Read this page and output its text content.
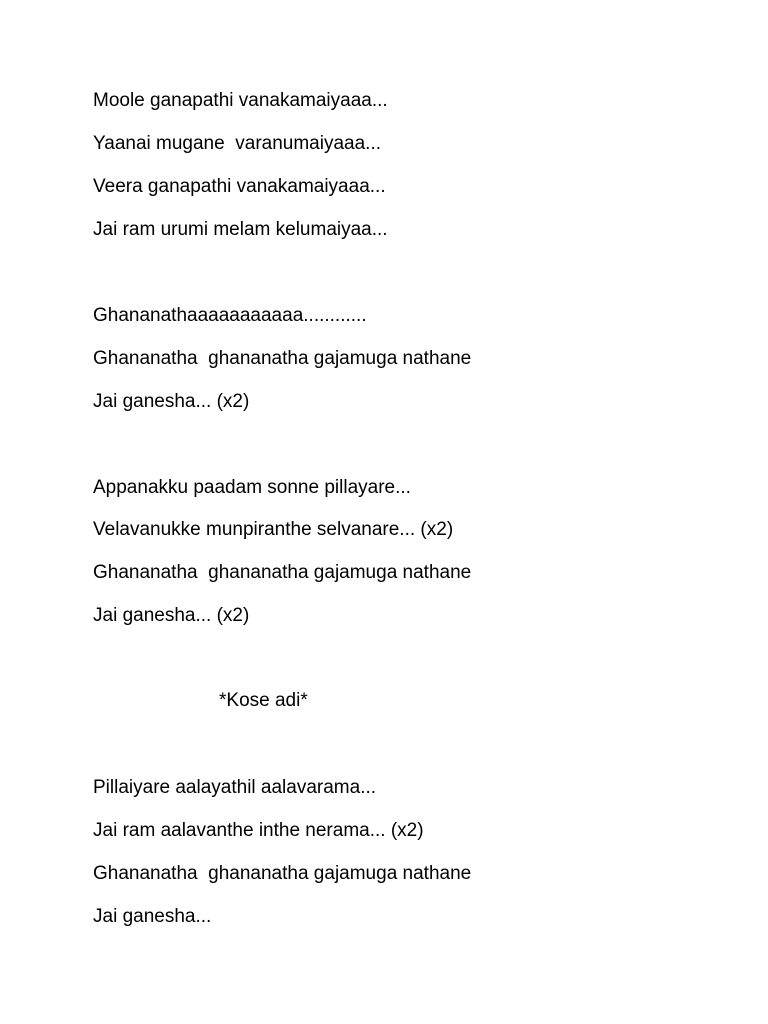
Moole ganapathi vanakamaiyaaa...
Yaanai mugane  varanumaiyaaa...
Veera ganapathi vanakamaiyaaa...
Jai ram urumi melam kelumaiyaa...
Ghananathaaaaaaaaaaa............
Ghananatha  ghananatha gajamuga nathane
Jai ganesha... (x2)
Appanakku paadam sonne pillayare...
Velavanukke munpiranthe selvanare... (x2)
Ghananatha  ghananatha gajamuga nathane
Jai ganesha... (x2)
*Kose adi*
Pillaiyare aalayathil aalavarama...
Jai ram aalavanthe inthe nerama... (x2)
Ghananatha  ghananatha gajamuga nathane
Jai ganesha...
